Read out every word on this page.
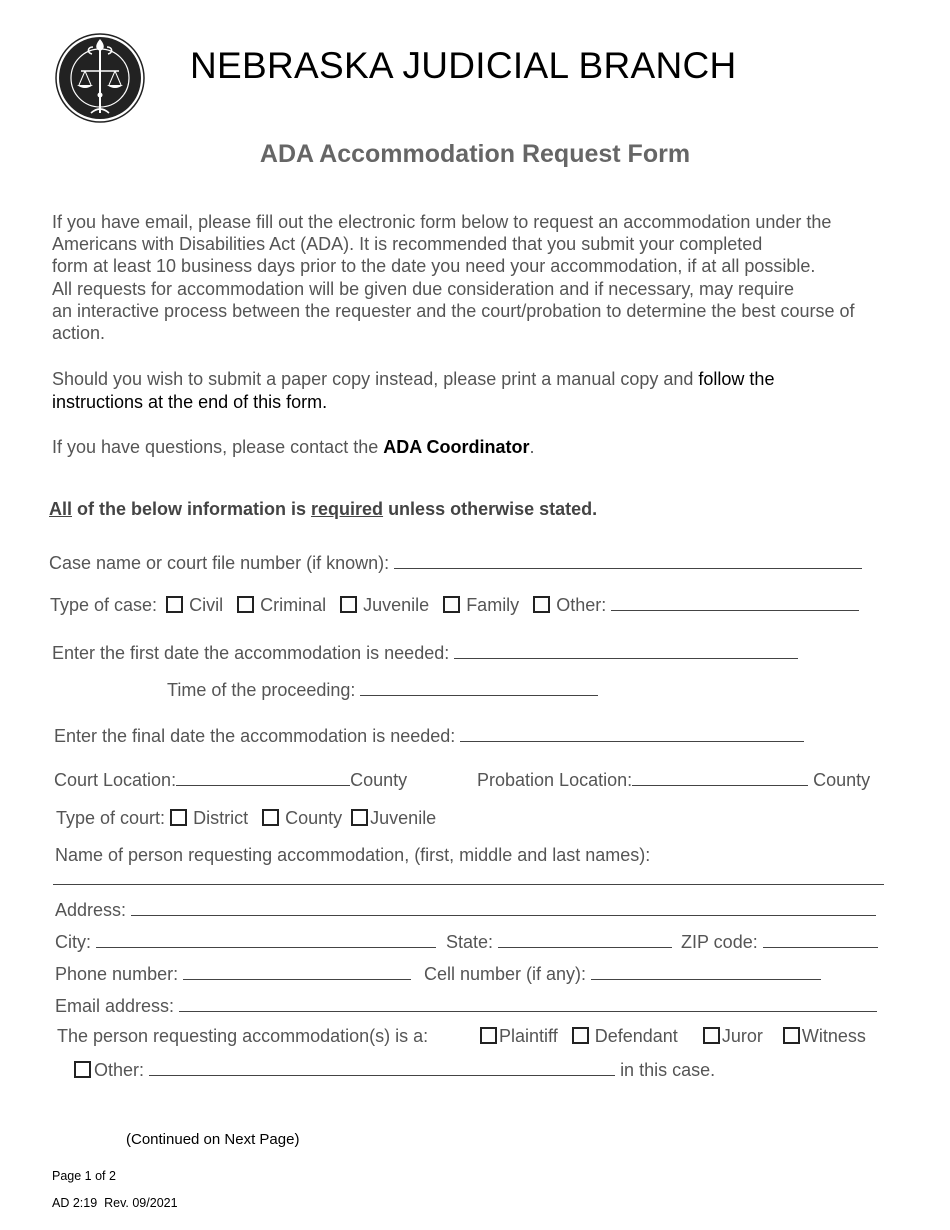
NEBRASKA JUDICIAL BRANCH
ADA Accommodation Request Form

If you have email, please fill out the electronic form below to request an accommodation under the

Americans with Disabilities Act (ADA). It is recommended that you submit your completed

form at least 10 business days prior to the date you need your accommodation, if at all possible.

All requests for accommodation will be given due consideration and if necessary, may require

an interactive process between the requester and the court/probation to determine the best course of

action.

Should you wish to submit a paper copy instead, please print a manual copy and follow the
instructions at the end of this form.
If you have questions, please contact the ADA Coordinator.
All of the below information is required unless otherwise stated.
Case name or court file number (if known):
Type of case: Civil Criminal Juvenile Family Other:
Enter the first date the accommodation is needed:
Time of the proceeding:
Enter the final date the accommodation is needed:
Court Location:	County	Probation Location:	County
Type of court: District County Juvenile
Name of person requesting accommodation, (first, middle and last names):
Address:
City:	State:	ZIP code:
Phone number:	Cell number (if any):
Email address:
The person requesting accommodation(s) is a:	Plaintiff Defendant Juror Witness
Other:	in this case.
(Continued on Next Page)
Page 1 of 2
AD 2:19  Rev. 09/2021
